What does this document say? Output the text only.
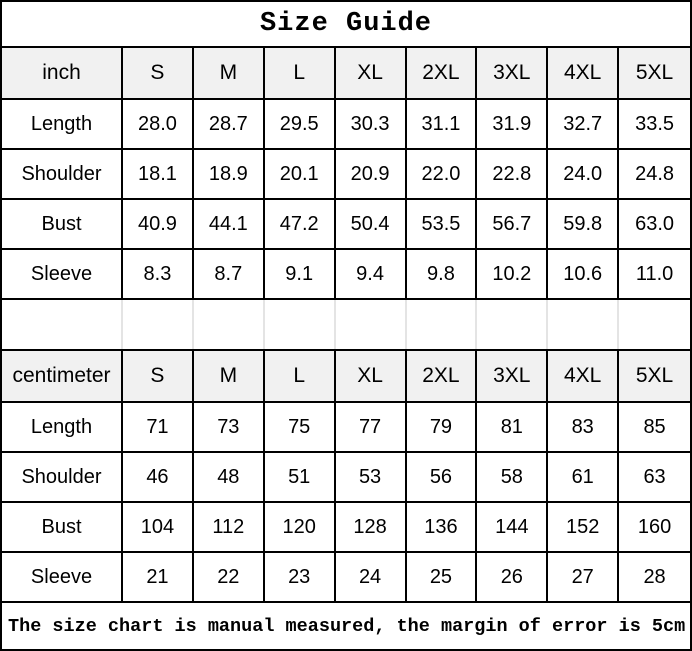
Size Guide
inch	S	M	L	XL	2XL	3XL	4XL	5XL
Length	28.0	28.7	29.5	30.3	31.1	31.9	32.7	33.5
Shoulder	18.1	18.9	20.1	20.9	22.0	22.8	24.0	24.8
Bust	40.9	44.1	47.2	50.4	53.5	56.7	59.8	63.0
Sleeve	8.3	8.7	9.1	9.4	9.8	10.2	10.6	11.0
centimeter	S	M	L	XL	2XL	3XL	4XL	5XL
Length	71	73	75	77	79	81	83	85
Shoulder	46	48	51	53	56	58	61	63
Bust	104	112	120	128	136	144	152	160
Sleeve	21	22	23	24	25	26	27	28
The size chart is manual measured, the margin of error is 5cm
